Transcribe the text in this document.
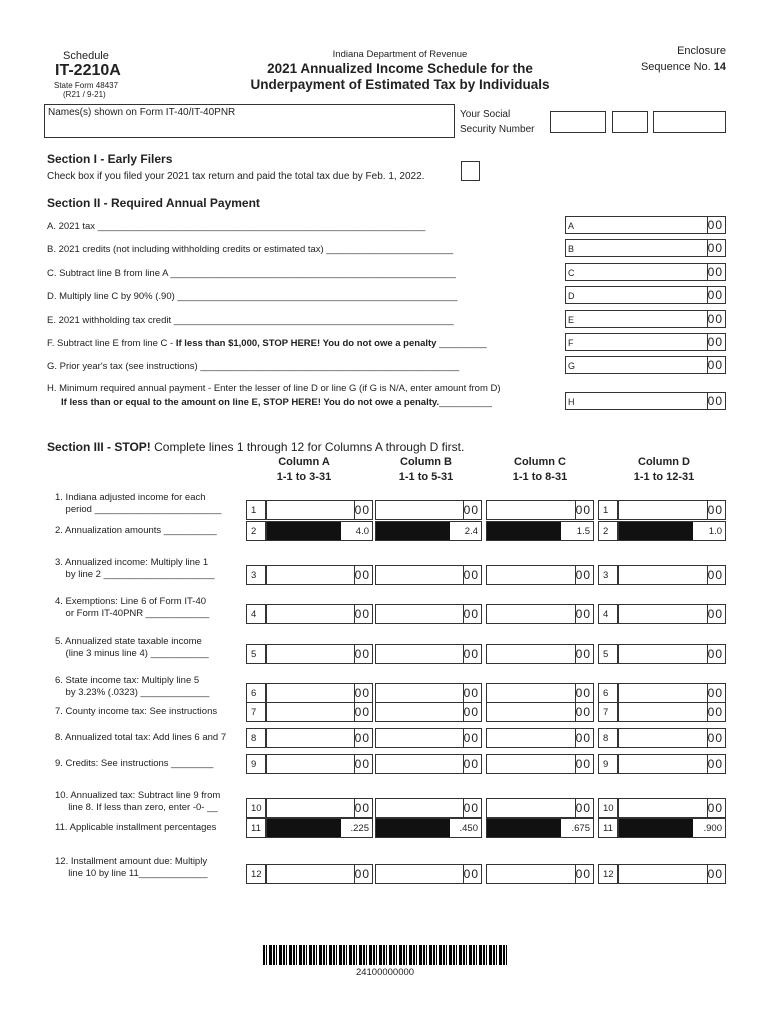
Schedule
IT-2210A
State Form 48437
(R21 / 9-21)
Indiana Department of Revenue
2021 Annualized Income Schedule for the
Underpayment of Estimated Tax by Individuals
Enclosure
Sequence No. 14
Names(s) shown on Form IT-40/IT-40PNR	Your Social
Security Number
Section I - Early Filers
Check box if you filed your 2021 tax return and paid the total tax due by Feb. 1, 2022.
Section II - Required Annual Payment
A. 2021 tax ______________________________________________________________	A	00
B. 2021 credits (not including withholding credits or estimated tax) ________________________	B	00
C. Subtract line B from line A ______________________________________________________	C	00
D. Multiply line C by 90% (.90) _____________________________________________________	D	00
E. 2021 withholding tax credit _____________________________________________________	E	00
F. Subtract line E from line C - If less than $1,000, STOP HERE! You do not owe a penalty _________	F	00
G. Prior year's tax (see instructions) _________________________________________________	G	00
H. Minimum required annual payment - Enter the lesser of line D or line G (if G is N/A, enter amount from D)
If less than or equal to the amount on line E, STOP HERE! You do not owe a penalty.__________	H	00
Section III - STOP! Complete lines 1 through 12 for Columns A through D first.
Column A
1-1 to 3-31
Column B
1-1 to 5-31
Column C
1-1 to 8-31
Column D
1-1 to 12-31
1. Indiana adjusted income for each
period ________________________	1	1
00	00	00	00
2. Annualization amounts __________	2	2
4.0	2.4	1.5	1.0
3. Annualized income: Multiply line 1
by line 2 _____________________	3	3
00	00	00	00
4. Exemptions: Line 6 of Form IT-40
or Form IT-40PNR ____________	4	4
00	00	00	00
5. Annualized state taxable income
(line 3 minus line 4) ___________	5	5
00	00	00	00
6. State income tax: Multiply line 5
by 3.23% (.0323) _____________	6	6
00	00	00	00
7. County income tax: See instructions	7	7
00	00	00	00
8. Annualized total tax: Add lines 6 and 7	8	8
00	00	00	00
9. Credits: See instructions ________	9	9
00	00	00	00
10. Annualized tax: Subtract line 9 from
line 8. If less than zero, enter -0- __	10	10
00	00	00	00
11. Applicable installment percentages	11	11
.225	.450	.675	.900
12. Installment amount due: Multiply
line 10 by line 11_____________	12	12
00	00	00	00
24100000000
